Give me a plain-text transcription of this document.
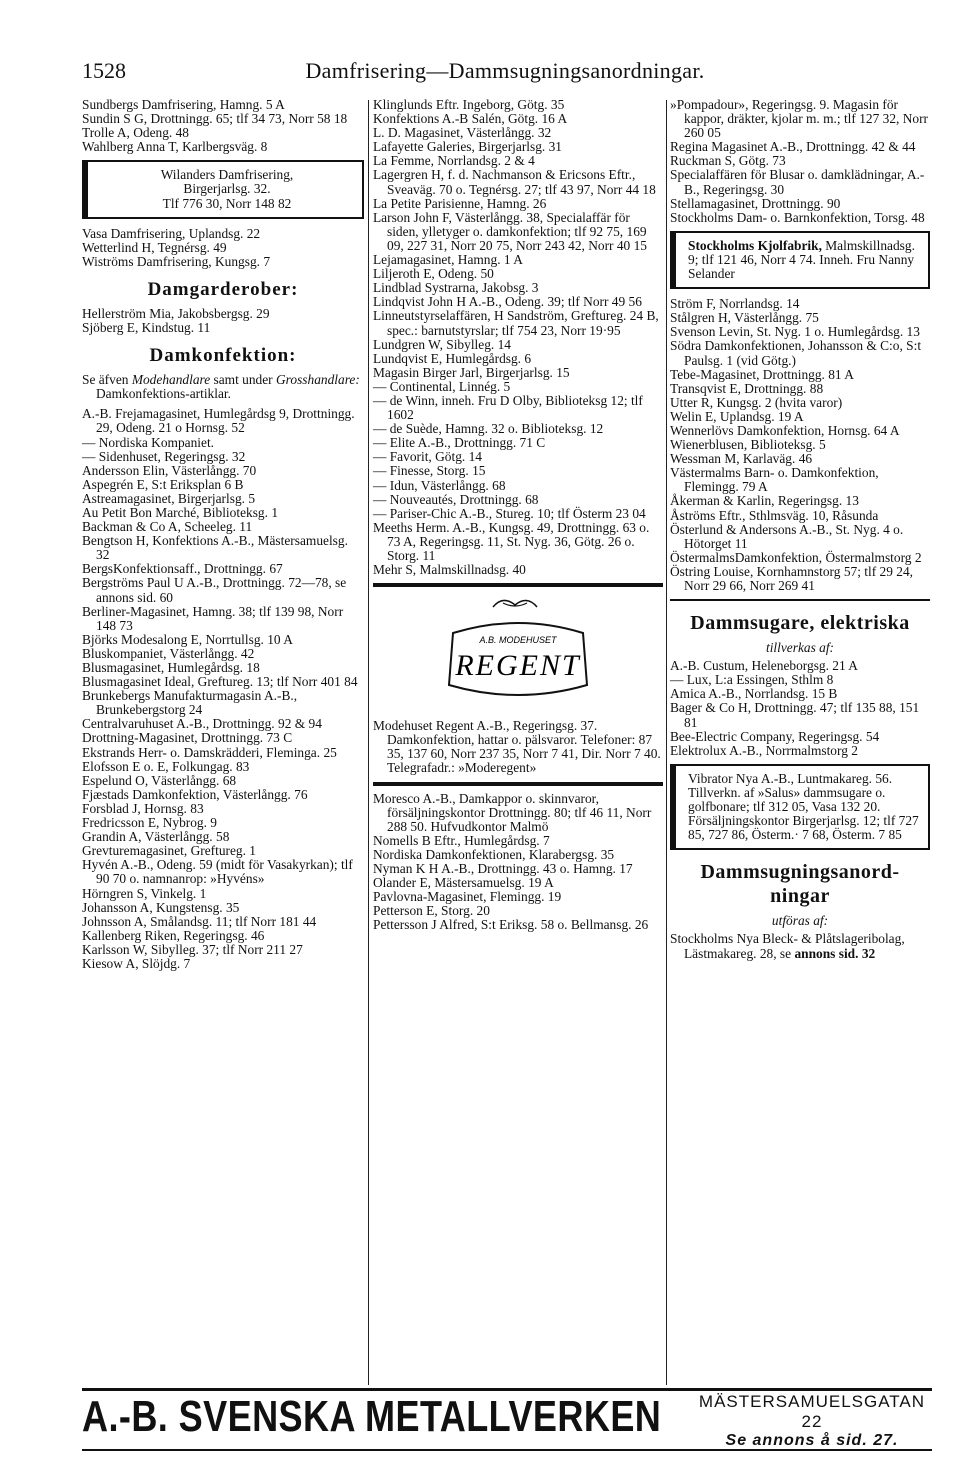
1528	Damfrisering—Dammsugningsanordningar.
Sundbergs Damfrisering, Hamng. 5 A
Sundin S G, Drottningg. 65; tlf 34 73, Norr 58 18
Trolle A, Odeng. 48
Wahlberg Anna T, Karlbergsväg. 8
Wilanders Damfrisering,
Birgerjarlsg. 32.
Tlf 776 30, Norr 148 82
Vasa Damfrisering, Uplandsg. 22
Wetterlind H, Tegnérsg. 49
Wiströms Damfrisering, Kungsg. 7
Damgarderober:
Hellerström Mia, Jakobsbergsg. 29
Sjöberg E, Kindstug. 11
Damkonfektion:
Se äfven Modehandlare samt under Grosshandlare: Damkonfektions-artiklar.
A.-B. Frejamagasinet, Humlegårdsg 9, Drottningg. 29, Odeng. 21 o Hornsg. 52
— Nordiska Kompaniet.
— Sidenhuset, Regeringsg. 32
Andersson Elin, Västerlångg. 70
Aspegrén E, S:t Eriksplan 6 B
Astreamagasinet, Birgerjarlsg. 5
Au Petit Bon Marché, Biblioteksg. 1
Backman & Co A, Scheeleg. 11
Bengtson H, Konfektions A.-B., Mästersamuelsg. 32
BergsKonfektionsaff., Drottningg. 67
Bergströms Paul U A.-B., Drottningg. 72—78, se annons sid. 60
Berliner-Magasinet, Hamng. 38; tlf 139 98, Norr 148 73
Björks Modesalong E, Norrtullsg. 10 A
Bluskompaniet, Västerlångg. 42
Blusmagasinet, Humlegårdsg. 18
Blusmagasinet Ideal, Greftureg. 13; tlf Norr 401 84
Brunkebergs Manufakturmagasin A.-B., Brunkebergstorg 24
Centralvaruhuset A.-B., Drottningg. 92 & 94
Drottning-Magasinet, Drottningg. 73 C
Ekstrands Herr- o. Damskrädderi, Fleminga. 25
Elofsson E o. E, Folkungag. 83
Espelund O, Västerlångg. 68
Fjæstads Damkonfektion, Västerlångg. 76
Forsblad J, Hornsg. 83
Fredricsson E, Nybrog. 9
Grandin A, Västerlångg. 58
Grevturemagasinet, Greftureg. 1
Hyvén A.-B., Odeng. 59 (midt för Vasakyrkan); tlf 90 70 o. namnanrop: »Hyvéns»
Hörngren S, Vinkelg. 1
Johansson A, Kungstensg. 35
Johnsson A, Smålandsg. 11; tlf Norr 181 44
Kallenberg Riken, Regeringsg. 46
Karlsson W, Sibylleg. 37; tlf Norr 211 27
Kiesow A, Slöjdg. 7
Klinglunds Eftr. Ingeborg, Götg. 35
Konfektions A.-B Salén, Götg. 16 A
L. D. Magasinet, Västerlångg. 32
Lafayette Galeries, Birgerjarlsg. 31
La Femme, Norrlandsg. 2 & 4
Lagergren H, f. d. Nachmanson & Ericsons Eftr., Sveaväg. 70 o. Tegnérsg. 27; tlf 43 97, Norr 44 18
La Petite Parisienne, Hamng. 26
Larson John F, Västerlångg. 38, Specialaffär för siden, ylletyger o. damkonfektion; tlf 92 75, 169 09, 227 31, Norr 20 75, Norr 243 42, Norr 40 15
Lejamagasinet, Hamng. 1 A
Liljeroth E, Odeng. 50
Lindblad Systrarna, Jakobsg. 3
Lindqvist John H A.-B., Odeng. 39; tlf Norr 49 56
Linneutstyrselaffären, H Sandström, Greftureg. 24 B, spec.: barnutstyrslar; tlf 754 23, Norr 19·95
Lundgren W, Sibylleg. 14
Lundqvist E, Humlegårdsg. 6
Magasin Birger Jarl, Birgerjarlsg. 15
— Continental, Linnég. 5
— de Winn, inneh. Fru D Olby, Biblioteksg 12; tlf 1602
— de Suède, Hamng. 32 o. Biblioteksg. 12
— Elite A.-B., Drottningg. 71 C
— Favorit, Götg. 14
— Finesse, Storg. 15
— Idun, Västerlångg. 68
— Nouveautés, Drottningg. 68
— Pariser-Chic A.-B., Stureg. 10; tlf Österm 23 04
Meeths Herm. A.-B., Kungsg. 49, Drottningg. 63 o. 73 A, Regeringsg. 11, St. Nyg. 36, Götg. 26 o. Storg. 11
Mehr S, Malmskillnadsg. 40
A.B. MODEHUSET
REGENT
Modehuset Regent A.-B., Regeringsg. 37. Damkonfektion, hattar o. pälsvaror. Telefoner: 87 35, 137 60, Norr 237 35, Norr 7 41, Dir. Norr 7 40. Telegrafadr.: »Moderegent»
Moresco A.-B., Damkappor o. skinnvaror, försäljningskontor Drottningg. 80; tlf 46 11, Norr 288 50. Hufvudkontor Malmö
Nomells B Eftr., Humlegårdsg. 7
Nordiska Damkonfektionen, Klarabergsg. 35
Nyman K H A.-B., Drottningg. 43 o. Hamng. 17
Olander E, Mästersamuelsg. 19 A
Pavlovna-Magasinet, Flemingg. 19
Petterson E, Storg. 20
Pettersson J Alfred, S:t Eriksg. 58 o. Bellmansg. 26
»Pompadour», Regeringsg. 9. Magasin för kappor, dräkter, kjolar m. m.; tlf 127 32, Norr 260 05
Regina Magasinet A.-B., Drottningg. 42 & 44
Ruckman S, Götg. 73
Specialaffären för Blusar o. damklädningar, A.-B., Regeringsg. 30
Stellamagasinet, Drottningg. 90
Stockholms Dam- o. Barnkonfektion, Torsg. 48
Stockholms Kjolfabrik, Malmskillnadsg. 9; tlf 121 46, Norr 4 74. Inneh. Fru Nanny Selander
Ström F, Norrlandsg. 14
Stålgren H, Västerlångg. 75
Svenson Levin, St. Nyg. 1 o. Humlegårdsg. 13
Södra Damkonfektionen, Johansson & C:o, S:t Paulsg. 1 (vid Götg.)
Tebe-Magasinet, Drottningg. 81 A
Transqvist E, Drottningg. 88
Utter R, Kungsg. 2 (hvita varor)
Welin E, Uplandsg. 19 A
Wennerlövs Damkonfektion, Hornsg. 64 A
Wienerblusen, Biblioteksg. 5
Wessman M, Karlaväg. 46
Västermalms Barn- o. Damkonfektion, Flemingg. 79 A
Åkerman & Karlin, Regeringsg. 13
Åströms Eftr., Sthlmsväg. 10, Råsunda
Österlund & Andersons A.-B., St. Nyg. 4 o. Hötorget 11
ÖstermalmsDamkonfektion, Östermalmstorg 2
Östring Louise, Kornhamnstorg 57; tlf 29 24, Norr 29 66, Norr 269 41
Dammsugare, elektriska
tillverkas af:
A.-B. Custum, Heleneborgsg. 21 A
— Lux, L:a Essingen, Sthlm 8
Amica A.-B., Norrlandsg. 15 B
Bager & Co H, Drottningg. 47; tlf 135 88, 151 81
Bee-Electric Company, Regeringsg. 54
Elektrolux A.-B., Norrmalmstorg 2
Vibrator Nya A.-B., Luntmakareg. 56. Tillverkn. af »Salus» dammsugare o. golfbonare; tlf 312 05, Vasa 132 20. Försäljningskontor Birgerjarlsg. 12; tlf 727 85, 727 86, Österm.· 7 68, Österm. 7 85
Dammsugningsanord-
ningar
utföras af:
Stockholms Nya Bleck- & Plåtslageribolag, Lästmakareg. 28, se annons sid. 32
A.-B. SVENSKA METALLVERKEN	MÄSTERSAMUELSGATAN 22
Se annons å sid. 27.
